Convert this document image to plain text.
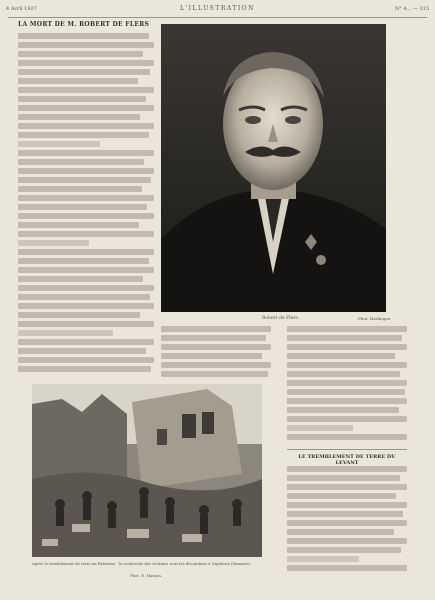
4 Avril 1927	L'ILLUSTRATION	N° 4... — 315
LA MORT DE M. ROBERT DE FLERS
Robert de Flers.	Phot. Harlingue.
Après le tremblement de terre en Palestine : la recherche des victimes sous les décombres à Naplouse (Samarie).
Phot. E. Matson.
LE TREMBLEMENT DE TERRE DU LEVANT
